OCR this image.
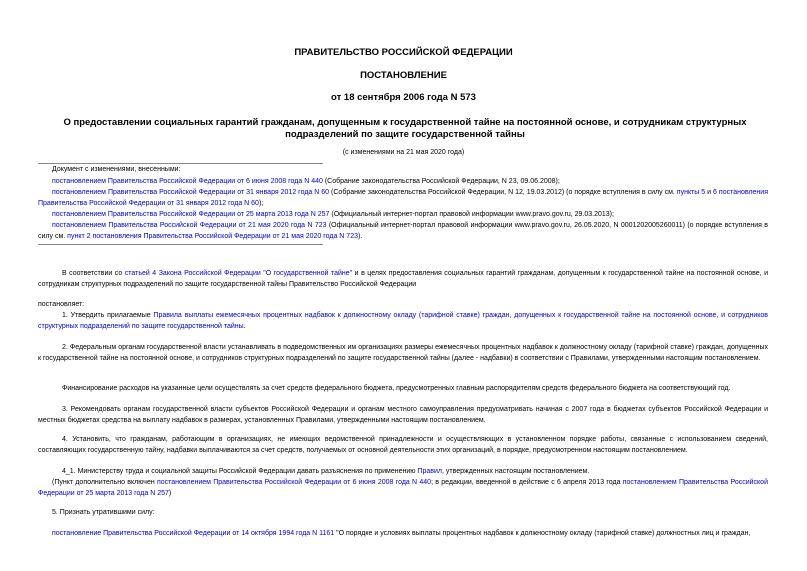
ПРАВИТЕЛЬСТВО РОССИЙСКОЙ ФЕДЕРАЦИИ
ПОСТАНОВЛЕНИЕ
от 18 сентября 2006 года N 573
О предоставлении социальных гарантий гражданам, допущенным к государственной тайне на постоянной основе, и сотрудникам структурных подразделений по защите государственной тайны
(с изменениями на 21 мая 2020 года)
Документ с изменениями, внесенными:
постановлением Правительства Российской Федерации от 6 июня 2008 года N 440 (Собрание законодательства Российской Федерации, N 23, 09.06.2008);
постановлением Правительства Российской Федерации от 31 января 2012 года N 60 (Собрание законодательства Российской Федерации, N 12, 19.03.2012) (о порядке вступления в силу см. пункты 5 и 6 постановления Правительства Российской Федерации от 31 января 2012 года N 60);
постановлением Правительства Российской Федерации от 25 марта 2013 года N 257 (Официальный интернет-портал правовой информации www.pravo.gov.ru, 29.03.2013);
постановлением Правительства Российской Федерации от 21 мая 2020 года N 723 (Официальный интернет-портал правовой информации www.pravo.gov.ru, 26.05.2020, N 0001202005260011) (о порядке вступления в силу см. пункт 2 постановления Правительства Российской Федерации от 21 мая 2020 года N 723).
В соответствии со статьей 4 Закона Российской Федерации "О государственной тайне" и в целях предоставления социальных гарантий гражданам, допущенным к государственной тайне на постоянной основе, и сотрудникам структурных подразделений по защите государственной тайны Правительство Российской Федерации
постановляет:
1. Утвердить прилагаемые Правила выплаты ежемесячных процентных надбавок к должностному окладу (тарифной ставке) граждан, допущенных к государственной тайне на постоянной основе, и сотрудников структурных подразделений по защите государственной тайны.
2. Федеральным органам государственной власти устанавливать в подведомственных им организациях размеры ежемесячных процентных надбавок к должностному окладу (тарифной ставке) граждан, допущенных к государственной тайне на постоянной основе, и сотрудников структурных подразделений по защите государственной тайны (далее - надбавки) в соответствии с Правилами, утвержденными настоящим постановлением.
Финансирование расходов на указанные цели осуществлять за счет средств федерального бюджета, предусмотренных главным распорядителям средств федерального бюджета на соответствующий год.
3. Рекомендовать органам государственной власти субъектов Российской Федерации и органам местного самоуправления предусматривать начиная с 2007 года в бюджетах субъектов Российской Федерации и местных бюджетах средства на выплату надбавок в размерах, установленных Правилами, утвержденными настоящим постановлением.
4. Установить, что гражданам, работающим в организациях, не имеющих ведомственной принадлежности и осуществляющих в установленном порядке работы, связанные с использованием сведений, составляющих государственную тайну, надбавки выплачиваются за счет средств, получаемых от основной деятельности этих организаций, в порядке, предусмотренном настоящим постановлением.
4_1. Министерству труда и социальной защиты Российской Федерации давать разъяснения по применению Правил, утвержденных настоящим постановлением.
(Пункт дополнительно включен постановлением Правительства Российской Федерации от 6 июня 2008 года N 440; в редакции, введенной в действие с 6 апреля 2013 года постановлением Правительства Российской Федерации от 25 марта 2013 года N 257)
5. Признать утратившими силу:
постановление Правительства Российской Федерации от 14 октября 1994 года N 1161 "О порядке и условиях выплаты процентных надбавок к должностному окладу (тарифной ставке) должностных лиц и граждан,
